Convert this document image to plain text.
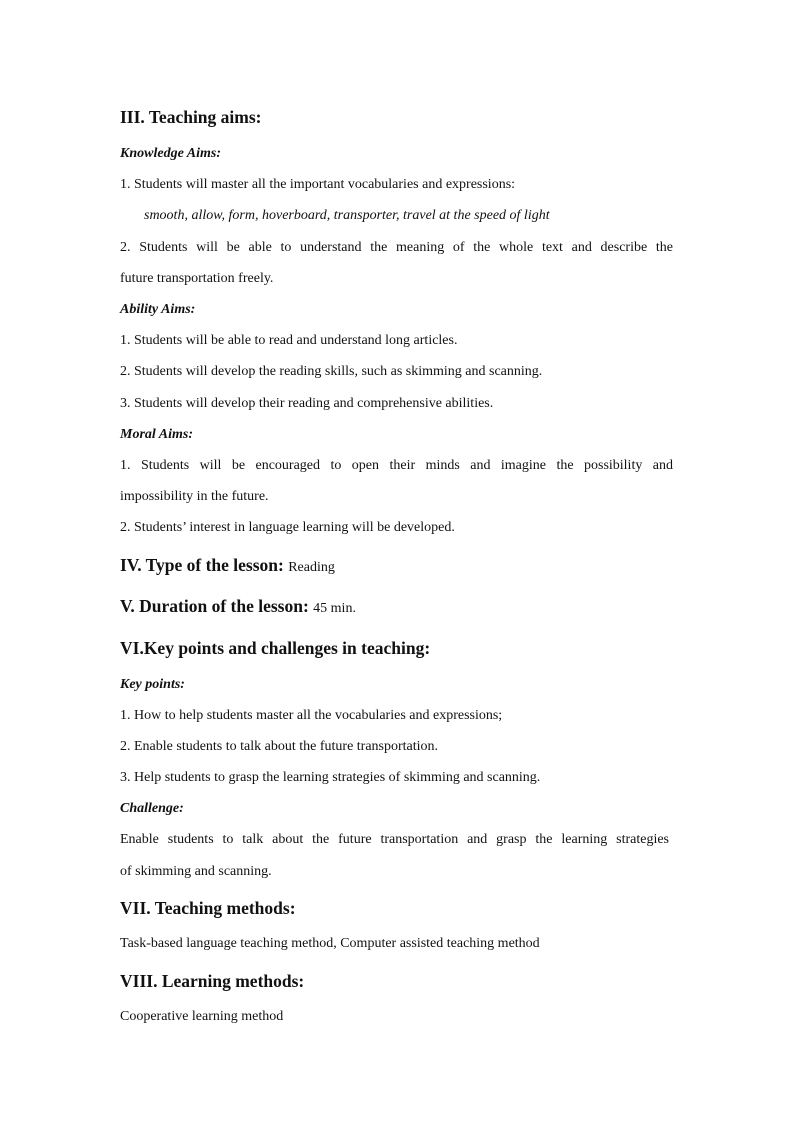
III. Teaching aims:
Knowledge Aims:
1. Students will master all the important vocabularies and expressions:
smooth, allow, form, hoverboard, transporter, travel at the speed of light
2. Students will be able to understand the meaning of the whole text and describe the
future transportation freely.
Ability Aims:
1. Students will be able to read and understand long articles.
2. Students will develop the reading skills, such as skimming and scanning.
3. Students will develop their reading and comprehensive abilities.
Moral Aims:
1. Students will be encouraged to open their minds and imagine the possibility and
impossibility in the future.
2. Students’ interest in language learning will be developed.
IV. Type of the lesson: Reading
V. Duration of the lesson: 45 min.
VI.Key points and challenges in teaching:
Key points:
1. How to help students master all the vocabularies and expressions;
2. Enable students to talk about the future transportation.
3. Help students to grasp the learning strategies of skimming and scanning.
Challenge:
Enable students to talk about the future transportation and grasp the learning strategies
of skimming and scanning.
VII. Teaching methods:
Task-based language teaching method, Computer assisted teaching method
VIII. Learning methods:
Cooperative learning method
